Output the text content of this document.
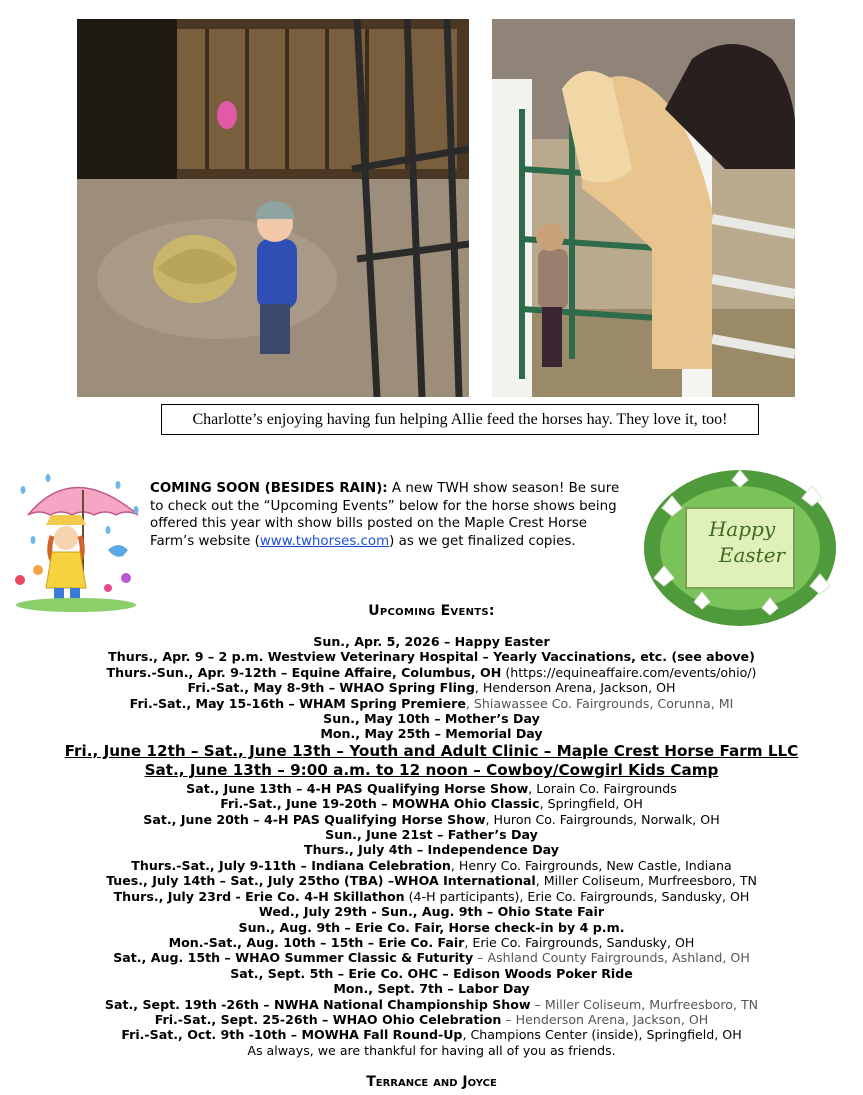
Charlotte’s enjoying having fun helping Allie feed the horses hay. They love it, too!
COMING SOON (BESIDES RAIN): A new TWH show season! Be sure to check out the “Upcoming Events” below for the horse shows being offered this year with show bills posted on the Maple Crest Horse Farm’s website (www.twhorses.com) as we get finalized copies.	Happy
Easter
Upcoming Events:
Sun., Apr. 5, 2026 – Happy Easter
Thurs., Apr. 9 – 2 p.m. Westview Veterinary Hospital – Yearly Vaccinations, etc. (see above)
Thurs.-Sun., Apr. 9-12th – Equine Affaire, Columbus, OH (https://equineaffaire.com/events/ohio/)
Fri.-Sat., May 8-9th – WHAO Spring Fling, Henderson Arena, Jackson, OH
Fri.-Sat., May 15-16th – WHAM Spring Premiere, Shiawassee Co. Fairgrounds, Corunna, MI
Sun., May 10th – Mother’s Day
Mon., May 25th – Memorial Day
Fri., June 12th – Sat., June 13th – Youth and Adult Clinic – Maple Crest Horse Farm LLC
Sat., June 13th – 9:00 a.m. to 12 noon – Cowboy/Cowgirl Kids Camp
Sat., June 13th – 4-H PAS Qualifying Horse Show, Lorain Co. Fairgrounds
Fri.-Sat., June 19-20th – MOWHA Ohio Classic, Springfield, OH
Sat., June 20th – 4-H PAS Qualifying Horse Show, Huron Co. Fairgrounds, Norwalk, OH
Sun., June 21st – Father’s Day
Thurs., July 4th – Independence Day
Thurs.-Sat., July 9-11th – Indiana Celebration, Henry Co. Fairgrounds, New Castle, Indiana
Tues., July 14th – Sat., July 25tho (TBA) –WHOA International, Miller Coliseum, Murfreesboro, TN
Thurs., July 23rd - Erie Co. 4-H Skillathon (4-H participants), Erie Co. Fairgrounds, Sandusky, OH
Wed., July 29th - Sun., Aug. 9th – Ohio State Fair
Sun., Aug. 9th – Erie Co. Fair, Horse check-in by 4 p.m.
Mon.-Sat., Aug. 10th – 15th – Erie Co. Fair, Erie Co. Fairgrounds, Sandusky, OH
Sat., Aug. 15th – WHAO Summer Classic & Futurity – Ashland County Fairgrounds, Ashland, OH
Sat., Sept. 5th – Erie Co. OHC – Edison Woods Poker Ride
Mon., Sept. 7th – Labor Day
Sat., Sept. 19th -26th – NWHA National Championship Show – Miller Coliseum, Murfreesboro, TN
Fri.-Sat., Sept. 25-26th – WHAO Ohio Celebration – Henderson Arena, Jackson, OH
Fri.-Sat., Oct. 9th -10th – MOWHA Fall Round-Up, Champions Center (inside), Springfield, OH
As always, we are thankful for having all of you as friends.
Terrance and Joyce
